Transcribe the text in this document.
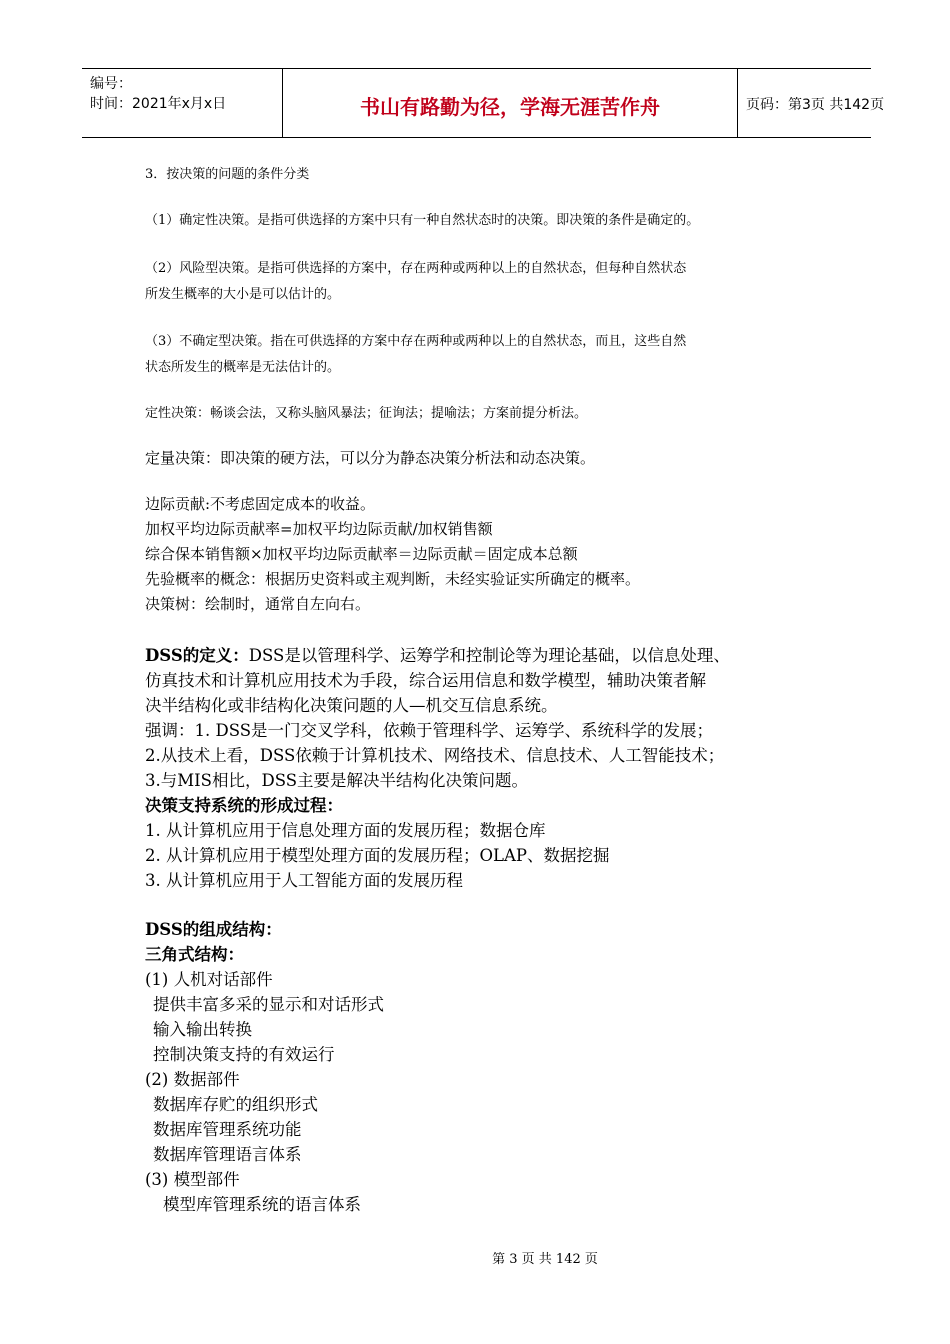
编号：
时间：2021年x月x日	书山有路勤为径，学海无涯苦作舟	页码：第3页 共142页
3．按决策的问题的条件分类
（1）确定性决策。是指可供选择的方案中只有一种自然状态时的决策。即决策的条件是确定的。
（2）风险型决策。是指可供选择的方案中，存在两种或两种以上的自然状态，但每种自然状态
所发生概率的大小是可以估计的。
（3）不确定型决策。指在可供选择的方案中存在两种或两种以上的自然状态，而且，这些自然
状态所发生的概率是无法估计的。
定性决策：畅谈会法，又称头脑风暴法；征询法；提喻法；方案前提分析法。
定量决策：即决策的硬方法，可以分为静态决策分析法和动态决策。
边际贡献:不考虑固定成本的收益。
加权平均边际贡献率=加权平均边际贡献/加权销售额
综合保本销售额×加权平均边际贡献率＝边际贡献＝固定成本总额
先验概率的概念：根据历史资料或主观判断，未经实验证实所确定的概率。
决策树：绘制时，通常自左向右。
DSS的定义：DSS是以管理科学、运筹学和控制论等为理论基础，以信息处理、
仿真技术和计算机应用技术为手段，综合运用信息和数学模型，辅助决策者解
决半结构化或非结构化决策问题的人—机交互信息系统。
强调：1. DSS是一门交叉学科，依赖于管理科学、运筹学、系统科学的发展；
2.从技术上看，DSS依赖于计算机技术、网络技术、信息技术、人工智能技术；
3.与MIS相比，DSS主要是解决半结构化决策问题。
决策支持系统的形成过程：
1. 从计算机应用于信息处理方面的发展历程；数据仓库
2. 从计算机应用于模型处理方面的发展历程；OLAP、数据挖掘
3. 从计算机应用于人工智能方面的发展历程
DSS的组成结构：
三角式结构：
(1) 人机对话部件
提供丰富多采的显示和对话形式
输入输出转换
控制决策支持的有效运行
(2) 数据部件
数据库存贮的组织形式
数据库管理系统功能
数据库管理语言体系
(3) 模型部件
模型库管理系统的语言体系
第 3 页 共 142 页
